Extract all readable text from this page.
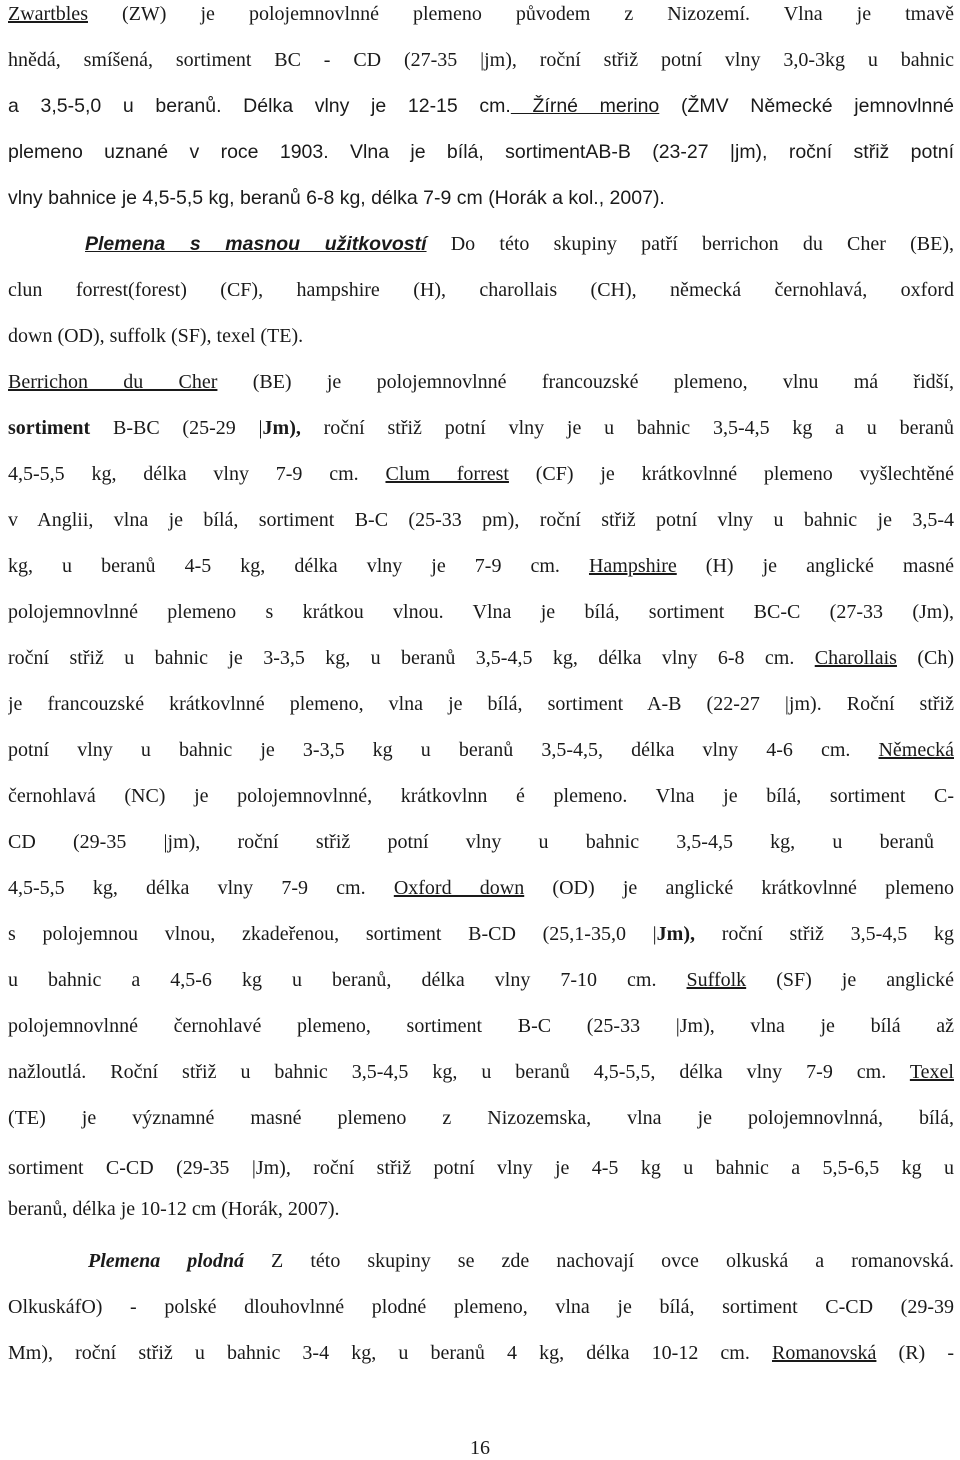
Zwartbles (ZW) je polojemnovlnné plemeno původem z Nizozemí. Vlna je tmavě
hnědá, smíšená, sortiment BC - CD (27-35 |jm), roční střiž potní vlny 3,0-3kg u bahnic
a 3,5-5,0 u beranů. Délka vlny je 12-15 cm. Žírné merino (ŽMV Německé jemnovlnné
plemeno uznané v roce 1903. Vlna je bílá, sortimentAB-B (23-27 |jm), roční střiž potní
vlny bahnice je 4,5-5,5 kg, beranů 6-8 kg, délka 7-9 cm (Horák a kol., 2007).
Plemena s masnou užitkovostí Do této skupiny patří berrichon du Cher (BE),
clun forrest(forest) (CF), hampshire (H), charollais (CH), německá černohlavá, oxford
down (OD), suffolk (SF), texel (TE).
Berrichon du Cher (BE) je polojemnovlnné francouzské plemeno, vlnu má řidší,
sortiment B-BC (25-29 |Jm), roční střiž potní vlny je u bahnic 3,5-4,5 kg a u beranů
4,5-5,5 kg, délka vlny 7-9 cm. Clum forrest (CF) je krátkovlnné plemeno vyšlechtěné
v Anglii, vlna je bílá, sortiment B-C (25-33 pm), roční střiž potní vlny u bahnic je 3,5-4
kg, u beranů 4-5 kg, délka vlny je 7-9 cm. Hampshire (H) je anglické masné
polojemnovlnné plemeno s krátkou vlnou. Vlna je bílá, sortiment BC-C (27-33 (Jm),
roční střiž u bahnic je 3-3,5 kg, u beranů 3,5-4,5 kg, délka vlny 6-8 cm. Charollais (Ch)
je francouzské krátkovlnné plemeno, vlna je bílá, sortiment A-B (22-27 |jm). Roční střiž
potní vlny u bahnic je 3-3,5 kg u beranů 3,5-4,5, délka vlny 4-6 cm. Německá
černohlavá (NC) je polojemnovlnné, krátkovlnn é plemeno. Vlna je bílá, sortiment C-
CD (29-35 |jm), roční střiž potní vlny u bahnic 3,5-4,5 kg, u beranů
4,5-5,5 kg, délka vlny 7-9 cm. Oxford down (OD) je anglické krátkovlnné plemeno
s polojemnou vlnou, zkadeřenou, sortiment B-CD (25,1-35,0 |Jm), roční střiž 3,5-4,5 kg
u bahnic a 4,5-6 kg u beranů, délka vlny 7-10 cm. Suffolk (SF) je anglické
polojemnovlnné černohlavé plemeno, sortiment B-C (25-33 |Jm), vlna je bílá až
nažloutlá. Roční střiž u bahnic 3,5-4,5 kg, u beranů 4,5-5,5, délka vlny 7-9 cm. Texel
(TE) je významné masné plemeno z Nizozemska, vlna je polojemnovlnná, bílá,
sortiment C-CD (29-35 |Jm), roční střiž potní vlny je 4-5 kg u bahnic a 5,5-6,5 kg u
beranů, délka je 10-12 cm (Horák, 2007).
Plemena plodná Z této skupiny se zde nachovají ovce olkuská a romanovská.
OlkuskáfO) - polské dlouhovlnné plodné plemeno, vlna je bílá, sortiment C-CD (29-39
Mm), roční střiž u bahnic 3-4 kg, u beranů 4 kg, délka 10-12 cm. Romanovská (R) -
16
